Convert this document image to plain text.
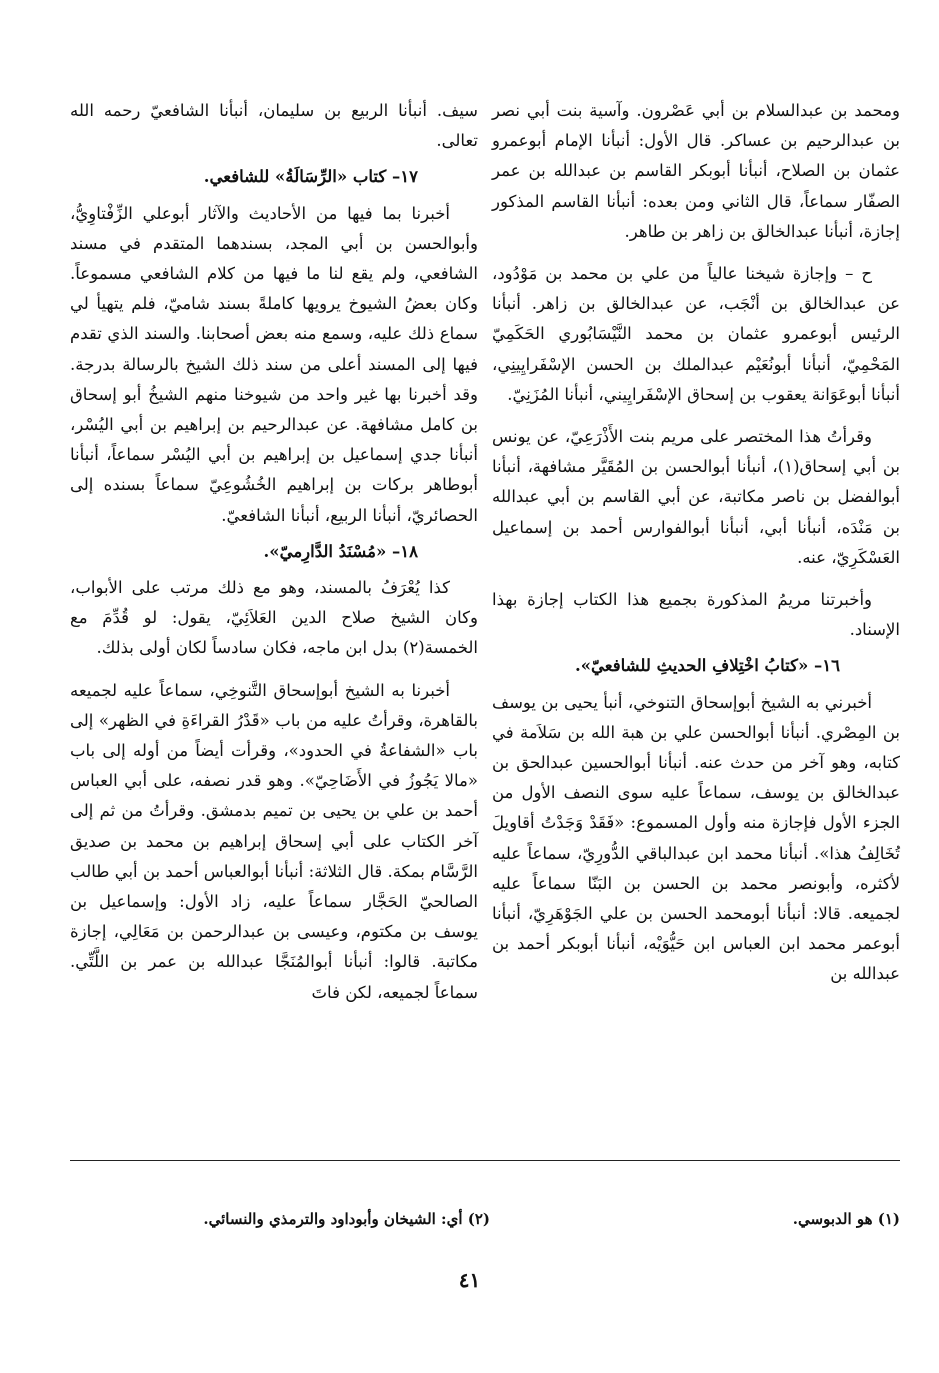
ومحمد بن عبدالسلام بن أبي عَصْرون. وآسية بنت أبي نصر بن عبدالرحيم بن عساكر. قال الأول: أنبأنا الإمام أبوعمرو عثمان بن الصلاح، أنبأنا أبوبكر القاسم بن عبدالله بن عمر الصفّار سماعاً، قال الثاني ومن بعده: أنبأنا القاسم المذكور إجازة، أنبأنا عبدالخالق بن زاهر بن طاهر.

ح – وإجازة شيخنا عالياً من علي بن محمد بن مَوْدُود، عن عبدالخالق بن أنْجَب، عن عبدالخالق بن زاهر. أنبأنا الرئيس أبوعمرو عثمان بن محمد النَّيْسَابُوري الحَكَمِيّ المَحْمِيّ، أنبأنا أبونُعَيْم عبدالملك بن الحسن الإسْفَرايِينِي، أنبأنا أبوعَوَانة يعقوب بن إسحاق الإسْفَرايِيني، أنبأنا المُزَنِيّ.

وقرأتُ هذا المختصر على مريم بنت الأَذْرَعِيّ، عن يونس بن أبي إسحاق(١)، أنبأنا أبوالحسن بن المُقَيَّر مشافهة، أنبأنا أبوالفضل بن ناصر مكاتبة، عن أبي القاسم بن أبي عبدالله بن مَنْدَه، أنبأنا أبي، أنبأنا أبوالفوارس أحمد بن إسماعيل العَسْكَرِيّ، عنه.

وأخبرتنا مريمُ المذكورة بجميع هذا الكتاب إجازة بهذا الإسناد.

١٦– «كتابُ اخْتِلافِ الحديثِ للشافعيّ».

أخبرني به الشيخ أبوإسحاق التنوخي، أنبأ يحيى بن يوسف بن المِصْري. أنبأنا أبوالحسن علي بن هبة الله بن سَلاَمة في كتابه، وهو آخر من حدث عنه. أنبأنا أبوالحسين عبدالحق بن عبدالخالق بن يوسف، سماعاً عليه سوى النصف الأول من الجزء الأول فإجازة منه وأول المسموع: «فَقَدْ وَجَدْتُ أقاويلَ تُخَالِفُ هذا». أنبأنا محمد ابن عبدالباقي الدُّورِيّ، سماعاً عليه لأكثره، وأبونصر محمد بن الحسن بن البَنّا سماعاً عليه لجميعه. قالا: أنبأنا أبومحمد الحسن بن علي الجَوْهَرِيّ، أنبأنا أبوعمر محمد ابن العباس ابن حَيُّوَيْه، أنبأنا أبوبكر أحمد بن عبدالله بن

سيف. أنبأنا الربيع بن سليمان، أنبأنا الشافعيّ رحمه الله تعالى.

١٧– كتاب «الرِّسَالَةُ» للشافعي.

أخبرنا بما فيها من الأحاديث والآثار أبوعلي الزِّفْتاوِيُّ، وأبوالحسن بن أبي المجد، بسندهما المتقدم في مسند الشافعي، ولم يقع لنا ما فيها من كلام الشافعي مسموعاً. وكان بعضُ الشيوخ يرويها كاملةً بسند شاميّ، فلم يتهيأ لي سماع ذلك عليه، وسمع منه بعض أصحابنا. والسند الذي تقدم فيها إلى المسند أعلى من سند ذلك الشيخ بالرسالة بدرجة. وقد أخبرنا بها غير واحد من شيوخنا منهم الشيخُ أبو إسحاق بن كامل مشافهة. عن عبدالرحيم بن إبراهيم بن أبي اليُسْر، أنبأنا جدي إسماعيل بن إبراهيم بن أبي اليُسْر سماعاً، أنبأنا أبوطاهر بركات بن إبراهيم الخُشُوعِيّ سماعاً بسنده إلى الحصائريّ، أنبأنا الربيع، أنبأنا الشافعيّ.

١٨– «مُسْنَدُ الدَّارِميّ».

كذا يُعْرَفُ بالمسند، وهو مع ذلك مرتب على الأبواب، وكان الشيخ صلاح الدين العَلاَئِيّ، يقول: لو قُدِّمَ مع الخمسة(٢) بدل ابن ماجه، فكان سادساً لكان أولى بذلك.

أخبرنا به الشيخ أبوإسحاق التَّنوخِي، سماعاً عليه لجميعه بالقاهرة، وقرأتُ عليه من باب «قَدْرُ القراءَةِ في الظهر» إلى باب «الشفاعةُ في الحدود»، وقرأت أيضاً من أوله إلى باب «مالا يَجُوزُ في الأَضَاحِيّ». وهو قدر نصفه، على أبي العباس أحمد بن علي بن يحيى بن تميم بدمشق. وقرأتُ من ثم إلى آخر الكتاب على أبي إسحاق إبراهيم بن محمد بن صديق الرَّسَّام بمكة. قال الثلاثة: أنبأنا أبوالعباس أحمد بن أبي طالب الصالحيّ الحَجَّار سماعاً عليه، زاد الأول: وإسماعيل بن يوسف بن مكتوم، وعيسى بن عبدالرحمن بن مَعَالِي، إجازة مكاتبة. قالوا: أنبأنا أبوالمُنَجَّا عبدالله بن عمر بن اللَّتِّي. سماعاً لجميعه، لكن فاتَ

(١) هو الدبوسي.
(٢) أي: الشيخان وأبوداود والترمذي والنسائي.
٤١
